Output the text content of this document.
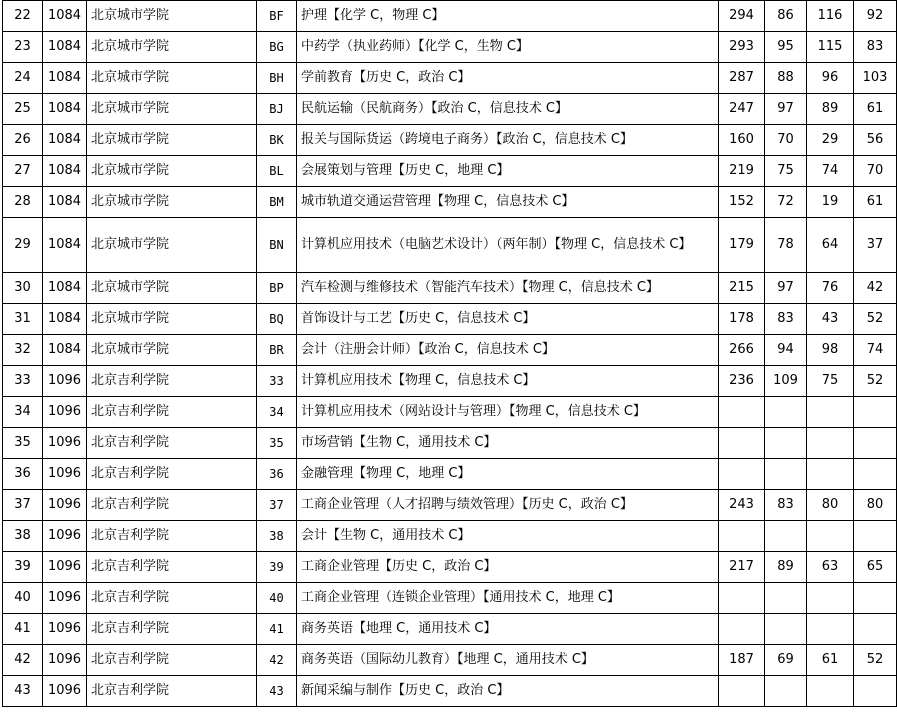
22	1084	北京城市学院	BF	护理【化学 C，物理 C】	294	86	116	92
23	1084	北京城市学院	BG	中药学（执业药师）【化学 C，生物 C】	293	95	115	83
24	1084	北京城市学院	BH	学前教育【历史 C，政治 C】	287	88	96	103
25	1084	北京城市学院	BJ	民航运输（民航商务）【政治 C，信息技术 C】	247	97	89	61
26	1084	北京城市学院	BK	报关与国际货运（跨境电子商务）【政治 C，信息技术 C】	160	70	29	56
27	1084	北京城市学院	BL	会展策划与管理【历史 C，地理 C】	219	75	74	70
28	1084	北京城市学院	BM	城市轨道交通运营管理【物理 C，信息技术 C】	152	72	19	61
29	1084	北京城市学院	BN	计算机应用技术（电脑艺术设计）（两年制）【物理 C，信息技术 C】	179	78	64	37
30	1084	北京城市学院	BP	汽车检测与维修技术（智能汽车技术）【物理 C，信息技术 C】	215	97	76	42
31	1084	北京城市学院	BQ	首饰设计与工艺【历史 C，信息技术 C】	178	83	43	52
32	1084	北京城市学院	BR	会计（注册会计师）【政治 C，信息技术 C】	266	94	98	74
33	1096	北京吉利学院	33	计算机应用技术【物理 C，信息技术 C】	236	109	75	52
34	1096	北京吉利学院	34	计算机应用技术（网站设计与管理）【物理 C，信息技术 C】				
35	1096	北京吉利学院	35	市场营销【生物 C，通用技术 C】				
36	1096	北京吉利学院	36	金融管理【物理 C，地理 C】				
37	1096	北京吉利学院	37	工商企业管理（人才招聘与绩效管理）【历史 C，政治 C】	243	83	80	80
38	1096	北京吉利学院	38	会计【生物 C，通用技术 C】				
39	1096	北京吉利学院	39	工商企业管理【历史 C，政治 C】	217	89	63	65
40	1096	北京吉利学院	40	工商企业管理（连锁企业管理）【通用技术 C，地理 C】				
41	1096	北京吉利学院	41	商务英语【地理 C，通用技术 C】				
42	1096	北京吉利学院	42	商务英语（国际幼儿教育）【地理 C，通用技术 C】	187	69	61	52
43	1096	北京吉利学院	43	新闻采编与制作【历史 C，政治 C】				
